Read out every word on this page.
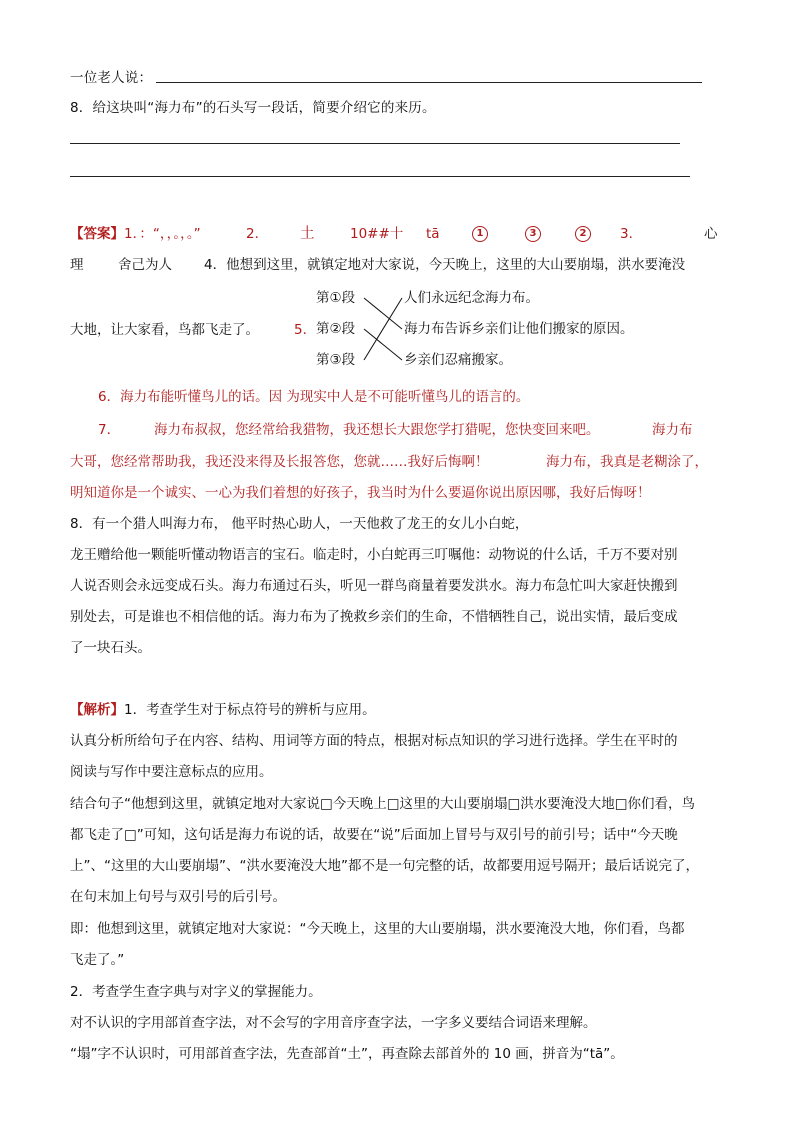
一位老人说：
8．给这块叫“海力布”的石头写一段话，简要介绍它的来历。
【答案】1．：“，，。，。”	2． 土	10##十 tā	1	3	2	3．	心
理	舍己为人 4．他想到这里，就镇定地对大家说，今天晚上，这里的大山要崩塌，洪水要淹没
第①段
第②段
第③段
人们永远纪念海力布。
海力布告诉乡亲们让他们搬家的原因。
乡亲们忍痛搬家。
大地，让大家看，鸟都飞走了。	5．
6．海力布能听懂鸟儿的话。因 为现实中人是不可能听懂鸟儿的语言的。
7．	海力布叔叔，您经常给我猎物，我还想长大跟您学打猎呢，您快变回来吧。	海力布
大哥，您经常帮助我，我还没来得及长报答您，您就……我好后悔啊！	海力布，我真是老糊涂了，
明知道你是一个诚实、一心为我们着想的好孩子，我当时为什么要逼你说出原因哪，我好后悔呀！
8．有一个猎人叫海力布， 他平时热心助人，一天他救了龙王的女儿小白蛇，
龙王赠给他一颗能听懂动物语言的宝石。临走时，小白蛇再三叮嘱他：动物说的什么话，千万不要对别
人说否则会永远变成石头。海力布通过石头，听见一群鸟商量着要发洪水。海力布急忙叫大家赶快搬到
别处去，可是谁也不相信他的话。海力布为了挽救乡亲们的生命，不惜牺牲自己，说出实情，最后变成
了一块石头。
【解析】1．考查学生对于标点符号的辨析与应用。
认真分析所给句子在内容、结构、用词等方面的特点，根据对标点知识的学习进行选择。学生在平时的
阅读与写作中要注意标点的应用。
结合句子“他想到这里，就镇定地对大家说□今天晚上□这里的大山要崩塌□洪水要淹没大地□你们看，鸟
都飞走了□”可知，这句话是海力布说的话，故要在“说”后面加上冒号与双引号的前引号；话中“今天晚
上”、“这里的大山要崩塌”、“洪水要淹没大地”都不是一句完整的话，故都要用逗号隔开；最后话说完了，
在句末加上句号与双引号的后引号。
即：他想到这里，就镇定地对大家说：“今天晚上，这里的大山要崩塌，洪水要淹没大地，你们看，鸟都
飞走了。”
2．考查学生查字典与对字义的掌握能力。
对不认识的字用部首查字法，对不会写的字用音序查字法，一字多义要结合词语来理解。
“塌”字不认识时，可用部首查字法，先查部首“土”，再查除去部首外的 10 画，拼音为“tā”。
